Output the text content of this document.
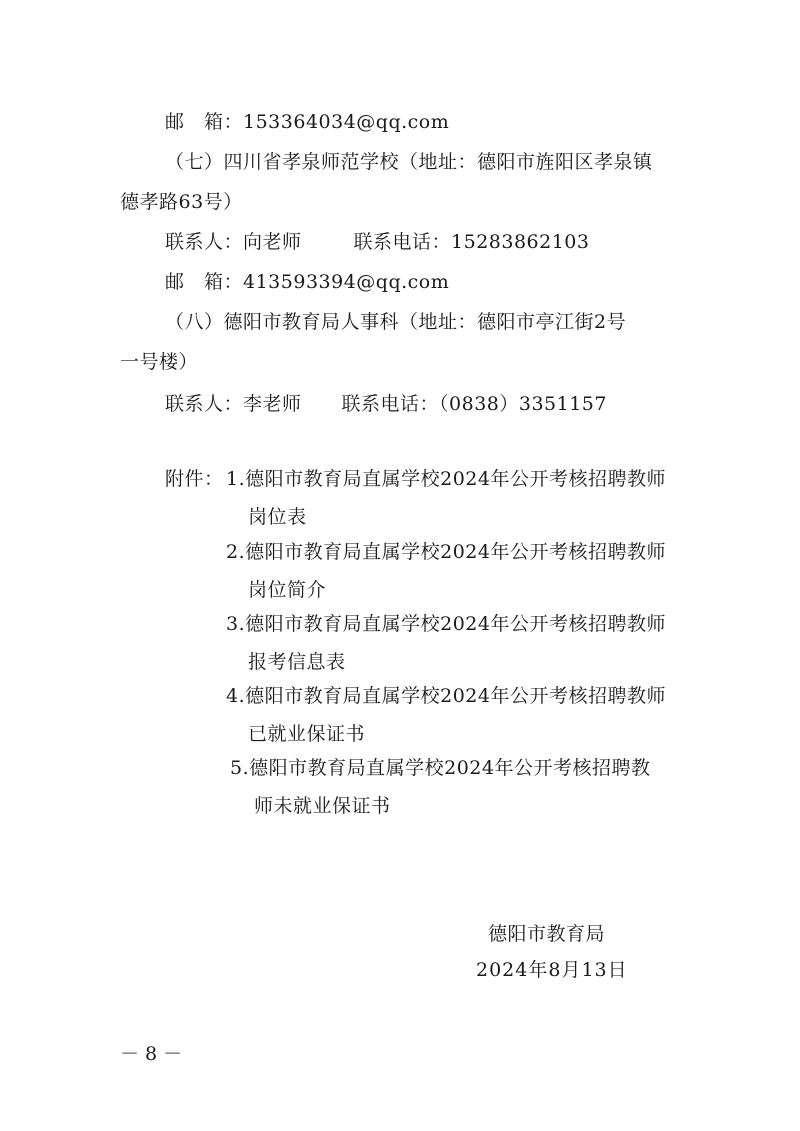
邮　箱：153364034@qq.com
（七）四川省孝泉师范学校（地址：德阳市旌阳区孝泉镇
德孝路63号）
联系人：向老师	联系电话：15283862103
邮　箱：413593394@qq.com
（八）德阳市教育局人事科（地址：德阳市亭江街2号
一号楼）
联系人：李老师 联系电话：（0838）3351157
附件： 1.德阳市教育局直属学校2024年公开考核招聘教师
岗位表
2.德阳市教育局直属学校2024年公开考核招聘教师
岗位简介
3.德阳市教育局直属学校2024年公开考核招聘教师
报考信息表
4.德阳市教育局直属学校2024年公开考核招聘教师
已就业保证书
5.德阳市教育局直属学校2024年公开考核招聘教
师未就业保证书
德阳市教育局
2024年8月13日
－8－
